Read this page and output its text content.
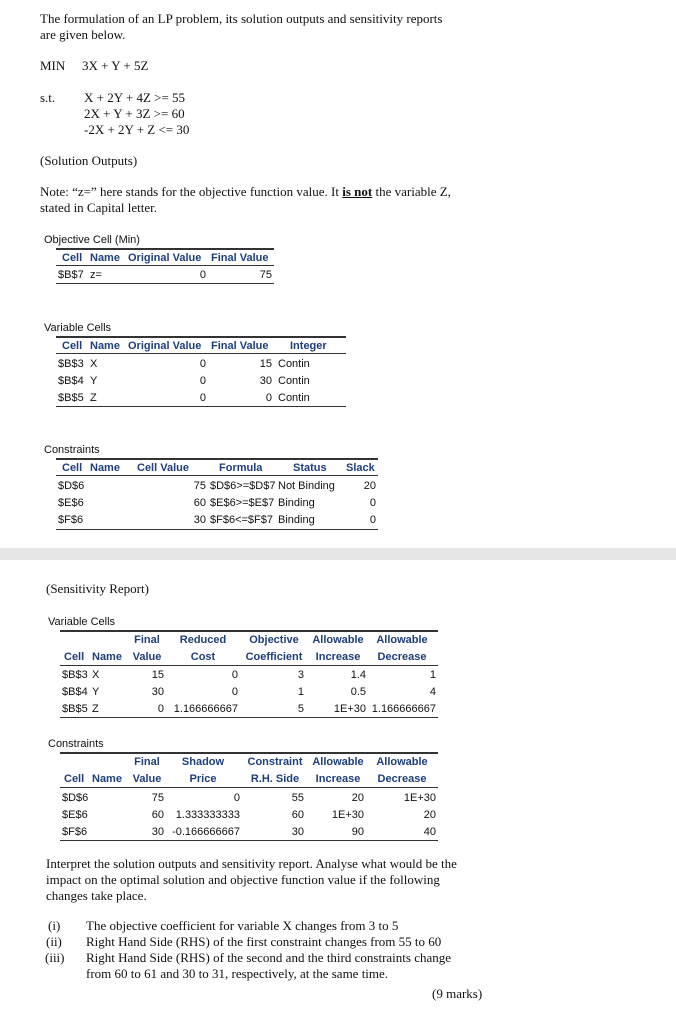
The formulation of an LP problem, its solution outputs and sensitivity reports
are given below.
MIN 3X + Y + 5Z
s.t. X + 2Y + 4Z >= 55
2X + Y + 3Z >= 60
-2X + 2Y + Z <= 30
(Solution Outputs)
Note: “z=” here stands for the objective function value. It is not the variable Z,
stated in Capital letter.
Objective Cell (Min)
Cell Name Original Value Final Value
$B$7 z=	0	75
Variable Cells
Cell Name Original Value Final Value Integer
$B$3 X	0	15 Contin
$B$4 Y	0	30 Contin
$B$5 Z	0	0 Contin
Constraints
Cell Name Cell Value	Formula	Status Slack
$D$6	75 $D$6>=$D$7 Not Binding	20
$E$6	60 $E$6>=$E$7 Binding	0
$F$6	30 $F$6<=$F$7 Binding	0
(Sensitivity Report)
Variable Cells
Final	Reduced	Objective	Allowable	Allowable
Cell Name Value	Cost	Coefficient	Increase	Decrease
$B$3 X	15	0	3	1.4	1
$B$4 Y	30	0	1	0.5	4
$B$5 Z	0 1.166666667	5	1E+30 1.166666667
Constraints
Final	Shadow	Constraint Allowable	Allowable
Cell Name Value	Price	R.H. Side	Increase	Decrease
$D$6	75	0	55	20	1E+30
$E$6	60	1.333333333	60	1E+30	20
$F$6	30 -0.166666667	30	90	40
Interpret the solution outputs and sensitivity report. Analyse what would be the
impact on the optimal solution and objective function value if the following
changes take place.
(i) The objective coefficient for variable X changes from 3 to 5
(ii) Right Hand Side (RHS) of the first constraint changes from 55 to 60
(iii) Right Hand Side (RHS) of the second and the third constraints change
from 60 to 61 and 30 to 31, respectively, at the same time.
(9 marks)
